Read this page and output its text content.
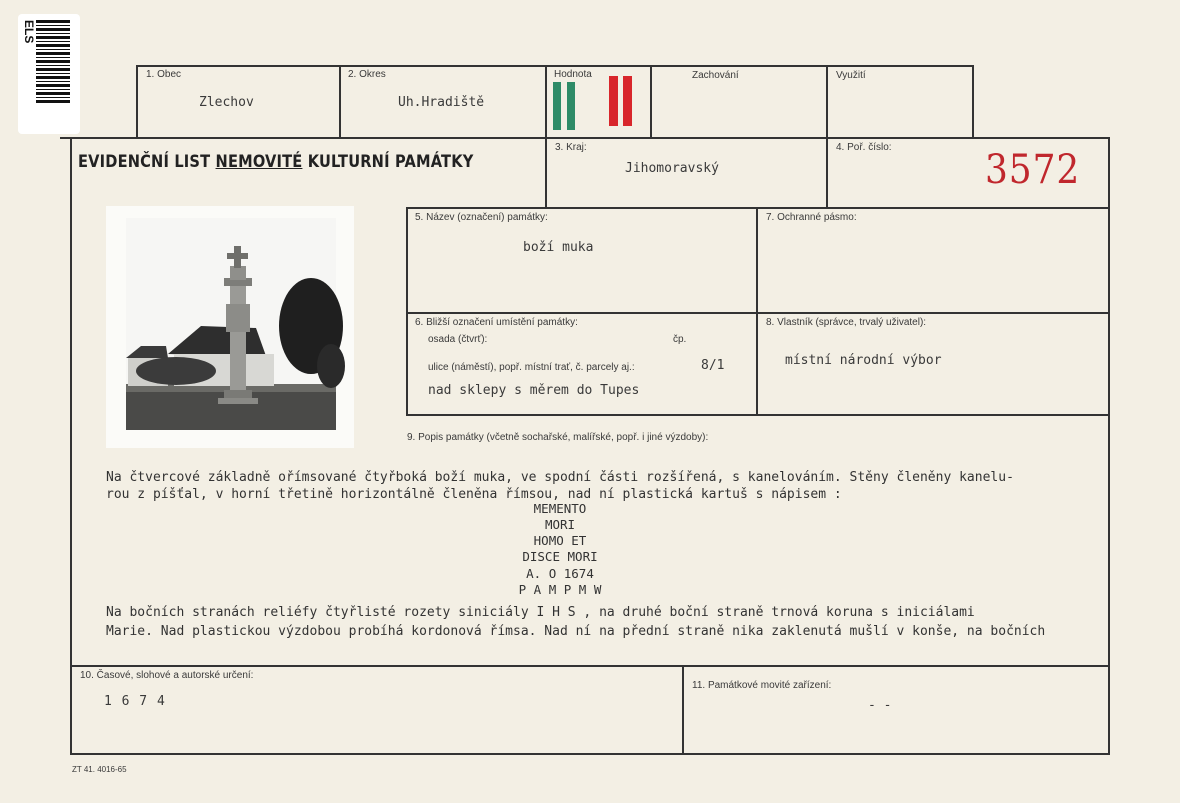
ELS
1. Obec
Zlechov
2. Okres
Uh.Hradiště
Hodnota	Zachování	Využití
EVIDENČNÍ LIST NEMOVITÉ KULTURNÍ PAMÁTKY
3. Kraj:
Jihomoravský
4. Poř. číslo: 3572
5. Název (označení) památky:
boží muka
7. Ochranné pásmo:
6. Bližší označení umístění památky:
osada (čtvrť):	čp.
ulice (náměstí), popř. místní trať, č. parcely aj.:	8/1
nad sklepy s měrem do Tupes
8. Vlastník (správce, trvalý uživatel):
místní národní výbor
9. Popis památky (včetně sochařské, malířské, popř. i jiné výzdoby):
Na čtvercové základně ořímsované čtyřboká boží muka, ve spodní části rozšířená, s kanelováním. Stěny členěny kanelu-
rou z píšťal, v horní třetině horizontálně členěna římsou, nad ní plastická kartuš s nápisem :
MEMENTO
MORI
HOMO ET
DISCE MORI
A. O 1674
P A M P M W
Na bočních stranách reliéfy čtyřlisté rozety siniciály I H S , na druhé boční straně trnová koruna s iniciálami
Marie. Nad plastickou výzdobou probíhá kordonová římsa. Nad ní na přední straně nika zaklenutá mušlí v konše, na bočních
10. Časové, slohové a autorské určení:
1 6 7 4
11. Památkové movité zařízení:
- -
ZT 41. 4016-65
